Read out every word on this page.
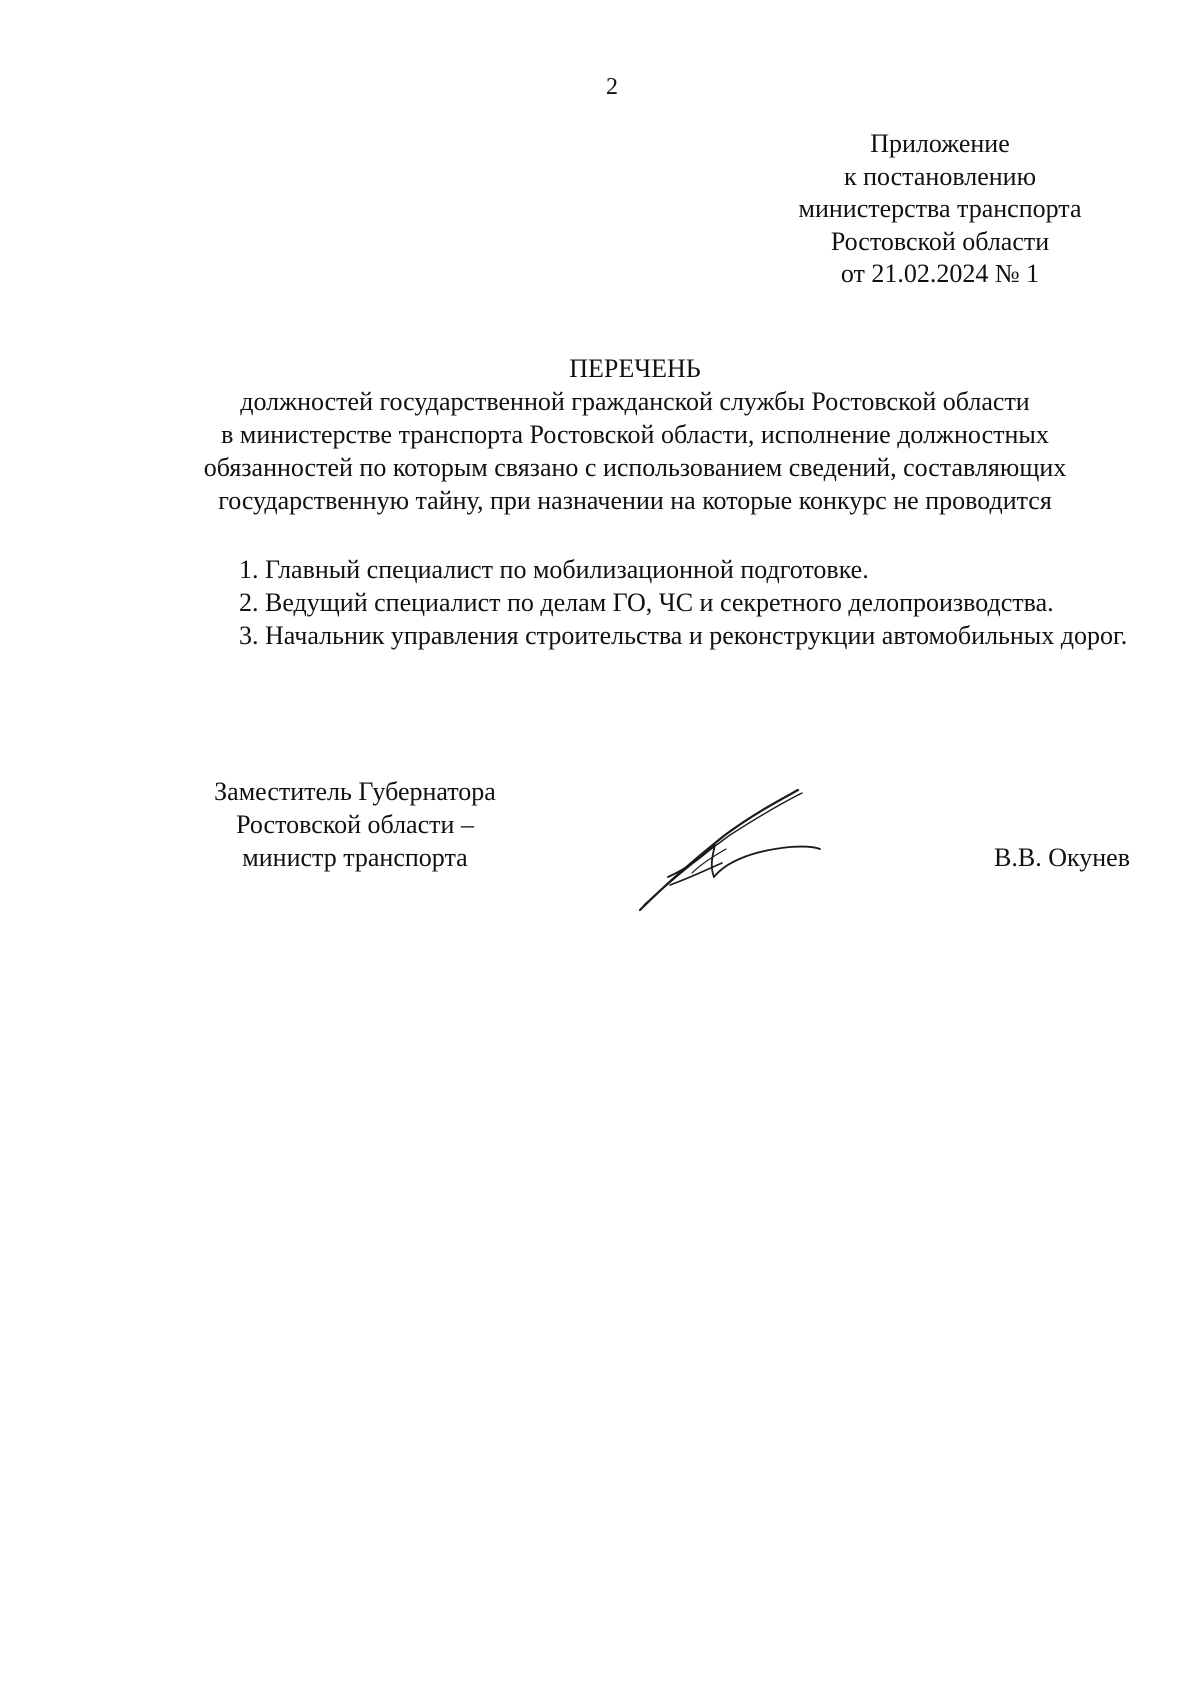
2
Приложение
к постановлению
министерства транспорта
Ростовской области
от 21.02.2024 № 1
ПЕРЕЧЕНЬ
должностей государственной гражданской службы Ростовской области
в министерстве транспорта Ростовской области, исполнение должностных
обязанностей по которым связано с использованием сведений, составляющих
государственную тайну, при назначении на которые конкурс не проводится

1. Главный специалист по мобилизационной подготовке.

2. Ведущий специалист по делам ГО, ЧС и секретного делопроизводства.

3. Начальник управления строительства и реконструкции автомобильных дорог.

Заместитель Губернатора
Ростовской области –
министр транспорта	В.В. Окунев
